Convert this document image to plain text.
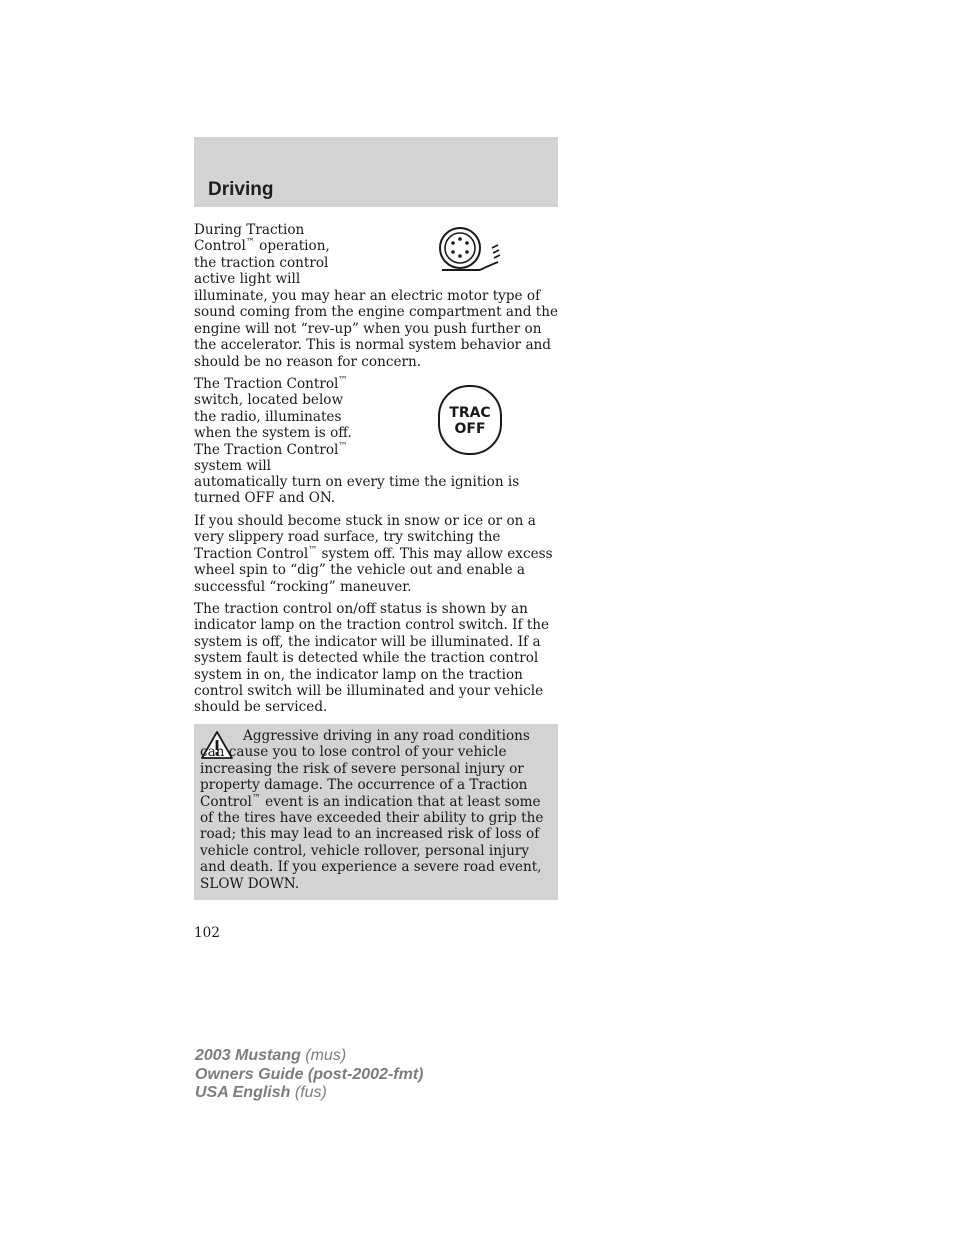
Driving
During Traction
Control™ operation,
the traction control
active light will

illuminate, you may hear an electric motor type of sound coming from the engine compartment and the engine will not “rev-up” when you push further on the accelerator. This is normal system behavior and should be no reason for concern.

The Traction Control™
switch, located below
the radio, illuminates
when the system is off.
The Traction Control™
system will
TRAC
OFF

automatically turn on every time the ignition is turned OFF and ON.

If you should become stuck in snow or ice or on a very slippery road surface, try switching the Traction Control™ system off. This may allow excess wheel spin to “dig” the vehicle out and enable a successful “rocking” maneuver.

The traction control on/off status is shown by an indicator lamp on the traction control switch. If the system is off, the indicator will be illuminated. If a system fault is detected while the traction control system in on, the indicator lamp on the traction control switch will be illuminated and your vehicle should be serviced.

Aggressive driving in any road conditions can cause you to lose control of your vehicle increasing the risk of severe personal injury or property damage. The occurrence of a Traction Control™ event is an indication that at least some of the tires have exceeded their ability to grip the road; this may lead to an increased risk of loss of vehicle control, vehicle rollover, personal injury and death. If you experience a severe road event, SLOW DOWN.

102
2003 Mustang (mus)
Owners Guide (post-2002-fmt)
USA English (fus)
